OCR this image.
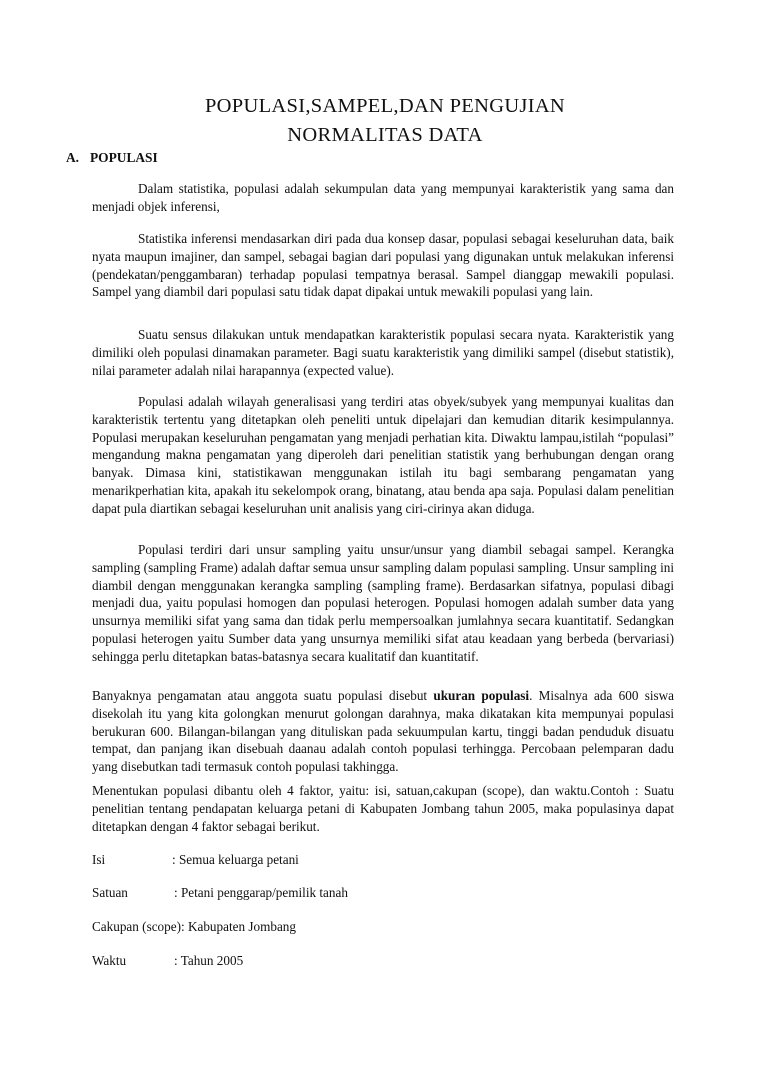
POPULASI,SAMPEL,DAN PENGUJIAN
NORMALITAS DATA
A. POPULASI

Dalam statistika, populasi adalah sekumpulan data yang mempunyai karakteristik yang sama dan menjadi objek inferensi,

Statistika inferensi mendasarkan diri pada dua konsep dasar, populasi sebagai keseluruhan data, baik nyata maupun imajiner, dan sampel, sebagai bagian dari populasi yang digunakan untuk melakukan inferensi (pendekatan/penggambaran) terhadap populasi tempatnya berasal. Sampel dianggap mewakili populasi. Sampel yang diambil dari populasi satu tidak dapat dipakai untuk mewakili populasi yang lain.

Suatu sensus dilakukan untuk mendapatkan karakteristik populasi secara nyata. Karakteristik yang dimiliki oleh populasi dinamakan parameter. Bagi suatu karakteristik yang dimiliki sampel (disebut statistik), nilai parameter adalah nilai harapannya (expected value).

Populasi adalah wilayah generalisasi yang terdiri atas obyek/subyek yang mempunyai kualitas dan karakteristik tertentu yang ditetapkan oleh peneliti untuk dipelajari dan kemudian ditarik kesimpulannya. Populasi merupakan keseluruhan pengamatan yang menjadi perhatian kita. Diwaktu lampau,istilah “populasi” mengandung makna pengamatan yang diperoleh dari penelitian statistik yang berhubungan dengan orang banyak. Dimasa kini, statistikawan menggunakan istilah itu bagi sembarang pengamatan yang menarikperhatian kita, apakah itu sekelompok orang, binatang, atau benda apa saja. Populasi dalam penelitian dapat pula diartikan sebagai keseluruhan unit analisis yang ciri-cirinya akan diduga.

Populasi terdiri dari unsur sampling yaitu unsur/unsur yang diambil sebagai sampel. Kerangka sampling (sampling Frame) adalah daftar semua unsur sampling dalam populasi sampling. Unsur sampling ini diambil dengan menggunakan kerangka sampling (sampling frame). Berdasarkan sifatnya, populasi dibagi menjadi dua, yaitu populasi homogen dan populasi heterogen. Populasi homogen adalah sumber data yang unsurnya memiliki sifat yang sama dan tidak perlu mempersoalkan jumlahnya secara kuantitatif. Sedangkan populasi heterogen yaitu Sumber data yang unsurnya memiliki sifat atau keadaan yang berbeda (bervariasi) sehingga perlu ditetapkan batas-batasnya secara kualitatif dan kuantitatif.

Banyaknya pengamatan atau anggota suatu populasi disebut ukuran populasi. Misalnya ada 600 siswa disekolah itu yang kita golongkan menurut golongan darahnya, maka dikatakan kita mempunyai populasi berukuran 600. Bilangan-bilangan yang dituliskan pada sekuumpulan kartu, tinggi badan penduduk disuatu tempat, dan panjang ikan disebuah daanau adalah contoh populasi terhingga. Percobaan pelemparan dadu yang disebutkan tadi termasuk contoh populasi takhingga.

Menentukan populasi dibantu oleh 4 faktor, yaitu: isi, satuan,cakupan (scope), dan waktu.Contoh : Suatu penelitian tentang pendapatan keluarga petani di Kabupaten Jombang tahun 2005, maka populasinya dapat ditetapkan dengan 4 faktor sebagai berikut.

Isi	: Semua keluarga petani
Satuan	: Petani penggarap/pemilik tanah
Cakupan (scope): Kabupaten Jombang
Waktu	: Tahun 2005
